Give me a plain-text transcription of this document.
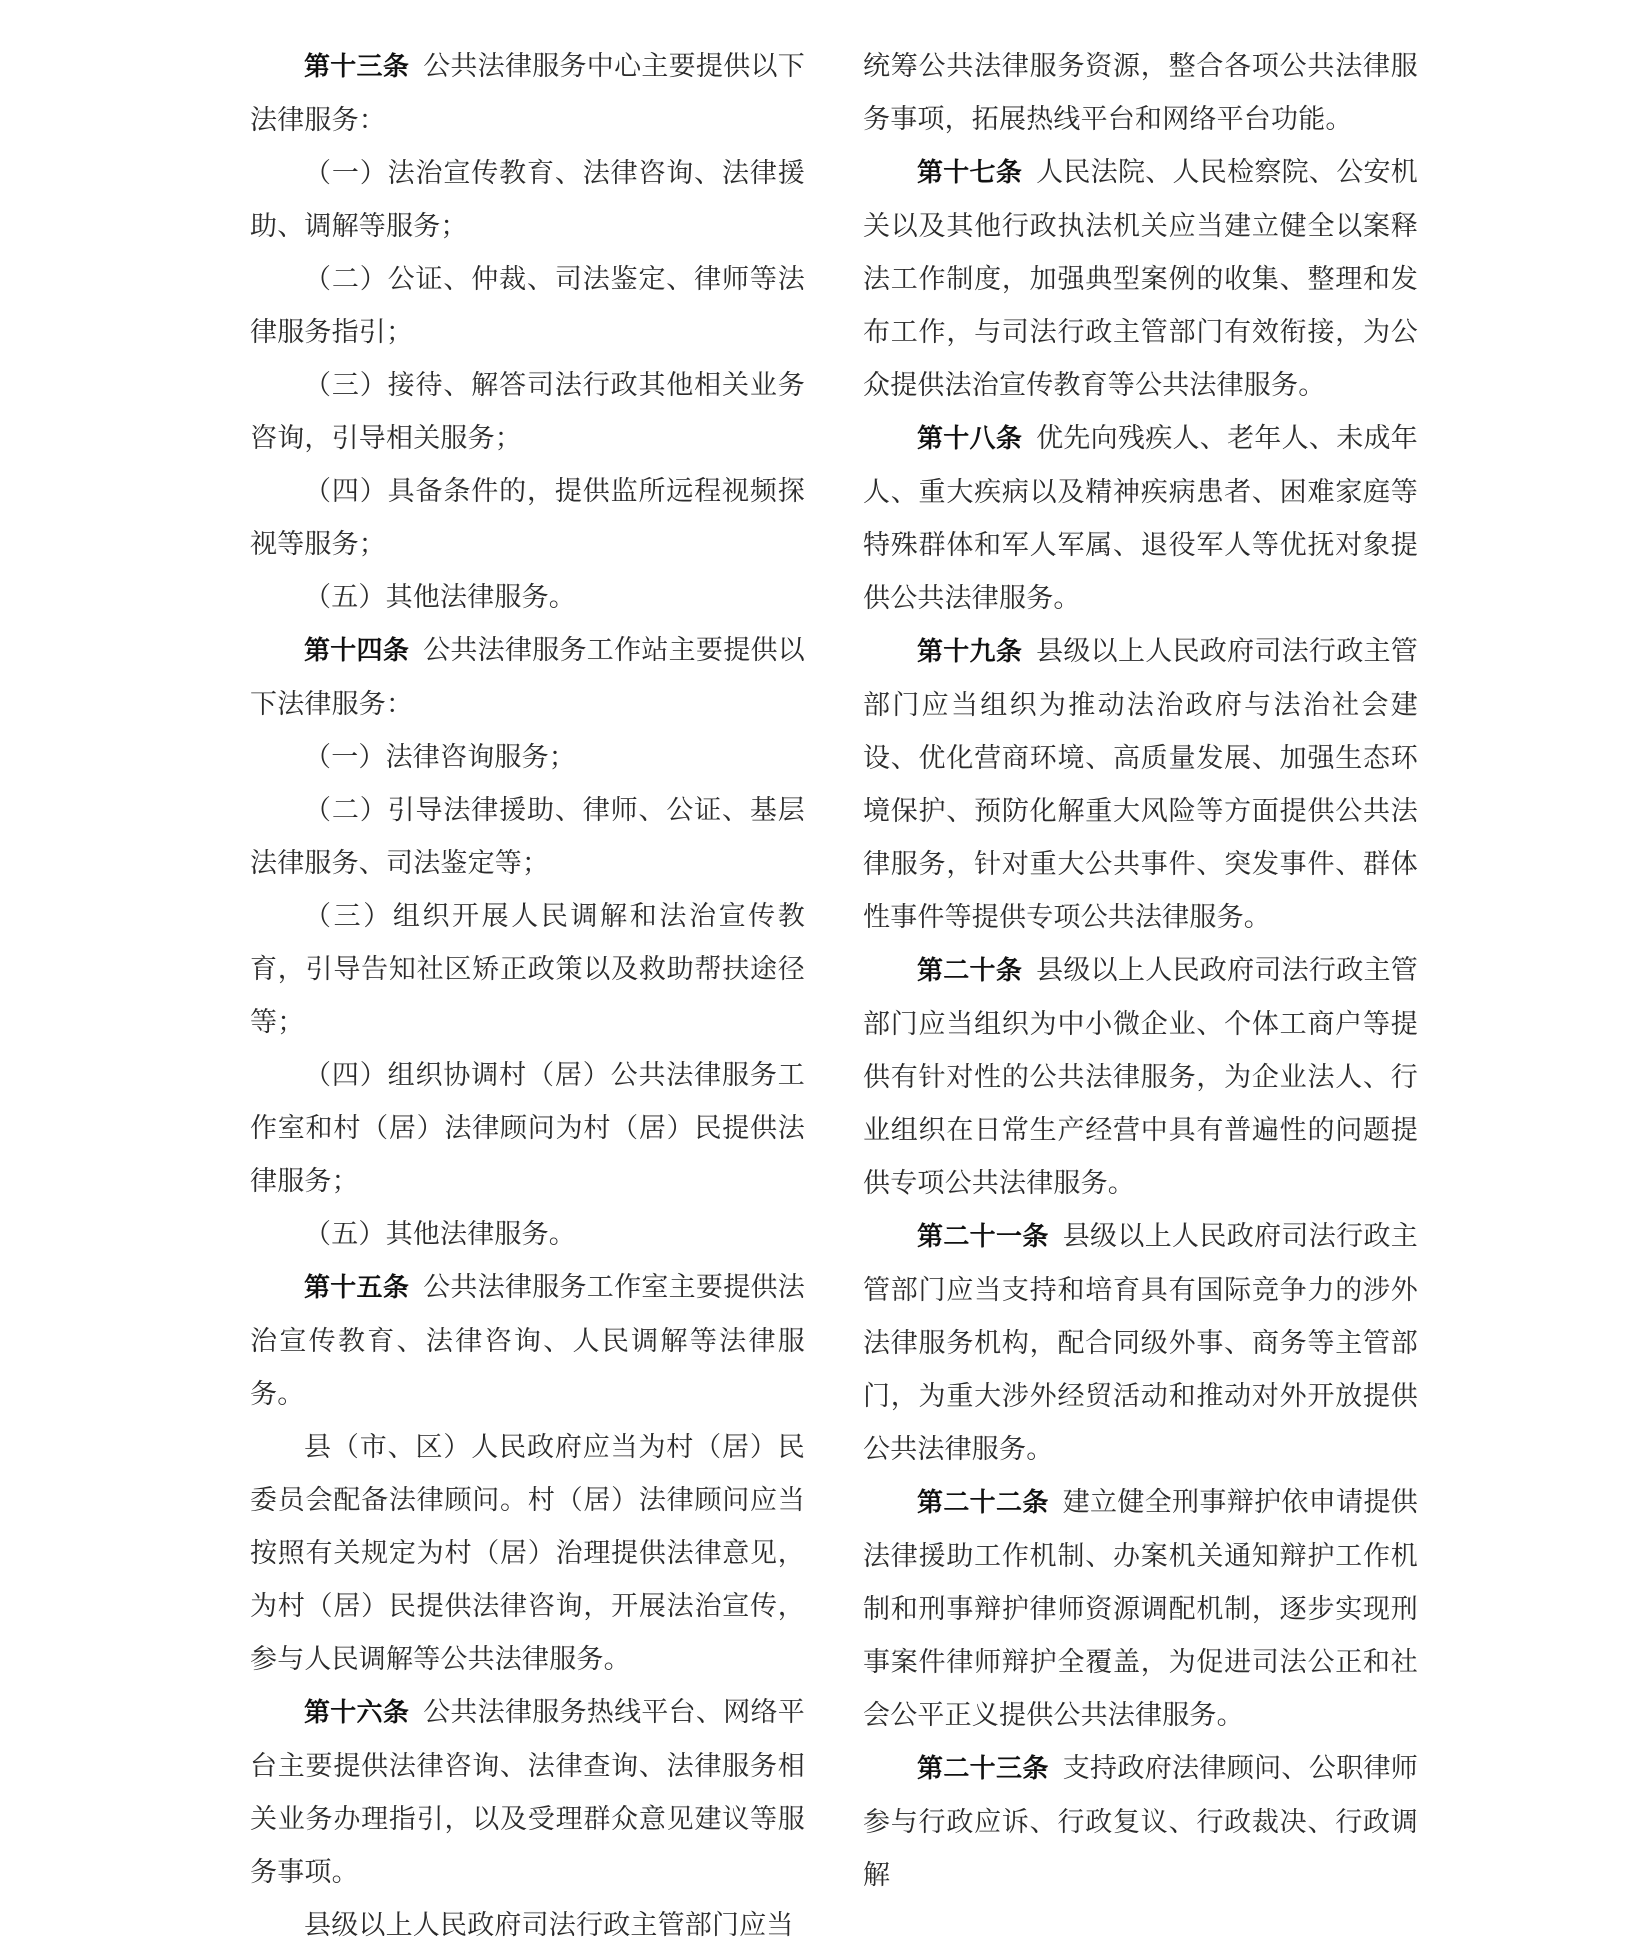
第十三条 公共法律服务中心主要提供以下法律服务：

（一）法治宣传教育、法律咨询、法律援助、调解等服务；

（二）公证、仲裁、司法鉴定、律师等法律服务指引；

（三）接待、解答司法行政其他相关业务咨询，引导相关服务；

（四）具备条件的，提供监所远程视频探视等服务；

（五）其他法律服务。

第十四条 公共法律服务工作站主要提供以下法律服务：

（一）法律咨询服务；

（二）引导法律援助、律师、公证、基层法律服务、司法鉴定等；

（三）组织开展人民调解和法治宣传教育，引导告知社区矫正政策以及救助帮扶途径等；

（四）组织协调村（居）公共法律服务工作室和村（居）法律顾问为村（居）民提供法律服务；

（五）其他法律服务。

第十五条 公共法律服务工作室主要提供法治宣传教育、法律咨询、人民调解等法律服务。

县（市、区）人民政府应当为村（居）民委员会配备法律顾问。村（居）法律顾问应当按照有关规定为村（居）治理提供法律意见，为村（居）民提供法律咨询，开展法治宣传，参与人民调解等公共法律服务。

第十六条 公共法律服务热线平台、网络平台主要提供法律咨询、法律查询、法律服务相关业务办理指引，以及受理群众意见建议等服务事项。

县级以上人民政府司法行政主管部门应当

统筹公共法律服务资源，整合各项公共法律服务事项，拓展热线平台和网络平台功能。

第十七条 人民法院、人民检察院、公安机关以及其他行政执法机关应当建立健全以案释法工作制度，加强典型案例的收集、整理和发布工作，与司法行政主管部门有效衔接，为公众提供法治宣传教育等公共法律服务。

第十八条 优先向残疾人、老年人、未成年人、重大疾病以及精神疾病患者、困难家庭等特殊群体和军人军属、退役军人等优抚对象提供公共法律服务。

第十九条 县级以上人民政府司法行政主管部门应当组织为推动法治政府与法治社会建设、优化营商环境、高质量发展、加强生态环境保护、预防化解重大风险等方面提供公共法律服务，针对重大公共事件、突发事件、群体性事件等提供专项公共法律服务。

第二十条 县级以上人民政府司法行政主管部门应当组织为中小微企业、个体工商户等提供有针对性的公共法律服务，为企业法人、行业组织在日常生产经营中具有普遍性的问题提供专项公共法律服务。

第二十一条 县级以上人民政府司法行政主管部门应当支持和培育具有国际竞争力的涉外法律服务机构，配合同级外事、商务等主管部门，为重大涉外经贸活动和推动对外开放提供公共法律服务。

第二十二条 建立健全刑事辩护依申请提供法律援助工作机制、办案机关通知辩护工作机制和刑事辩护律师资源调配机制，逐步实现刑事案件律师辩护全覆盖，为促进司法公正和社会公平正义提供公共法律服务。

第二十三条 支持政府法律顾问、公职律师参与行政应诉、行政复议、行政裁决、行政调解
